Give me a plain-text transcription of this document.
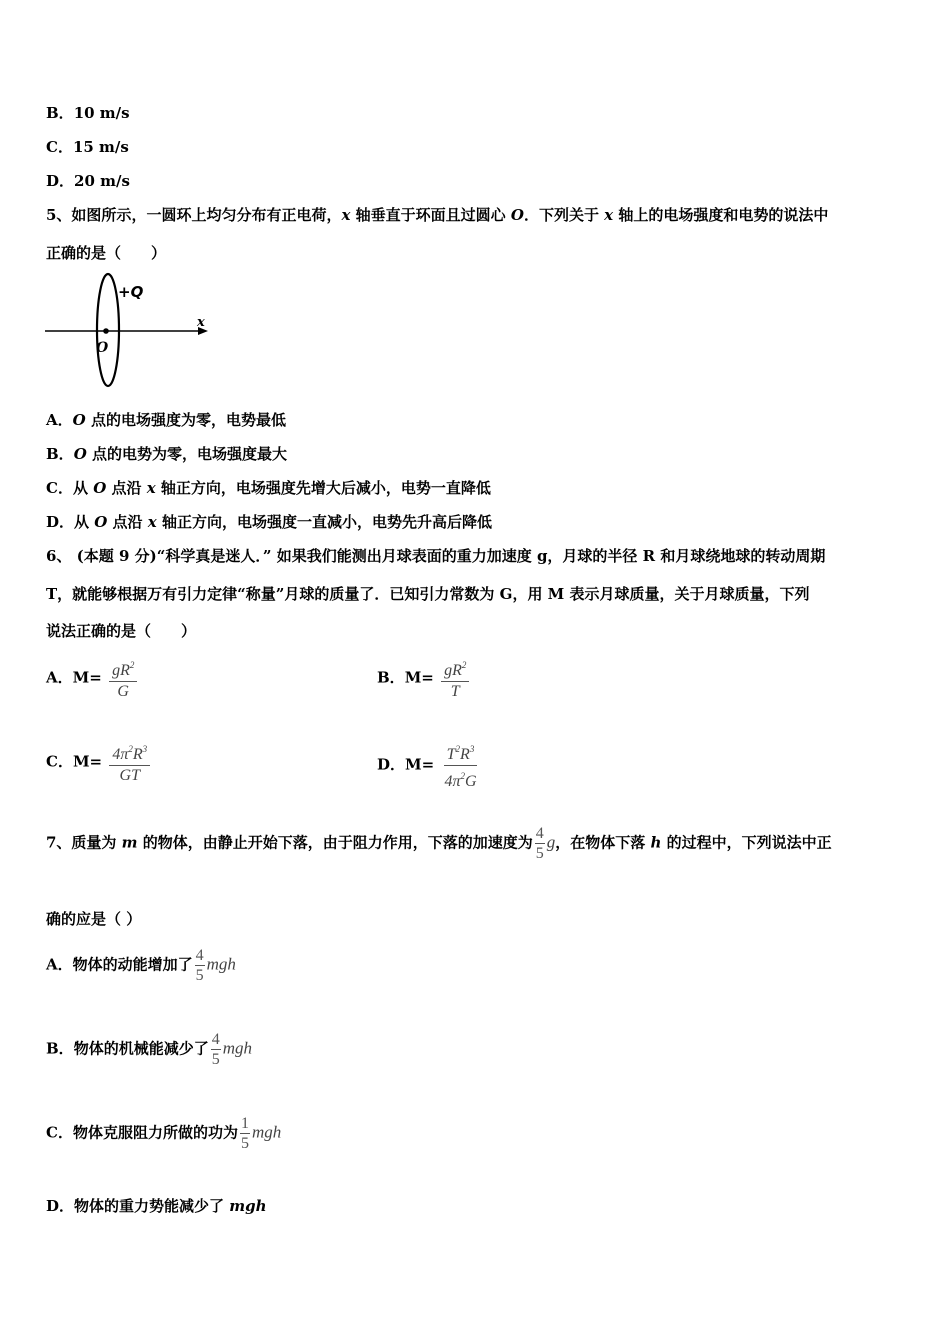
B．10 m/s
C．15 m/s
D．20 m/s
5、如图所示，一圆环上均匀分布有正电荷，x 轴垂直于环面且过圆心 O．下列关于 x 轴上的电场强度和电势的说法中
正确的是（　　）
+Q
x
O
A．O 点的电场强度为零，电势最低
B．O 点的电势为零，电场强度最大
C．从 O 点沿 x 轴正方向，电场强度先增大后减小，电势一直降低
D．从 O 点沿 x 轴正方向，电场强度一直减小，电势先升高后降低
6、 (本题 9 分)“科学真是迷人．” 如果我们能测出月球表面的重力加速度 g，月球的半径 R 和月球绕地球的转动周期
T，就能够根据万有引力定律“称量”月球的质量了．已知引力常数为 G，用 M 表示月球质量，关于月球质量，下列
说法正确的是（　　）
A．$M= \frac{gR^2}{G}$	B．$M= \frac{gR^2}{T}$
C．$M= \frac{4\pi^2R^3}{GT}$	D．$M= \frac{T^2R^3}{4\pi^2G}$
7、质量为 m 的物体，由静止开始下落，由于阻力作用，下落的加速度为 $\frac{4}{5}$ g，在物体下落 h 的过程中，下列说法中正
确的应是（ ）
A．物体的动能增加了 $\frac{4}{5}$ mgh
B．物体的机械能减少了 $\frac{4}{5}$ mgh
C．物体克服阻力所做的功为 $\frac{1}{5}$ mgh
D．物体的重力势能减少了 mgh
